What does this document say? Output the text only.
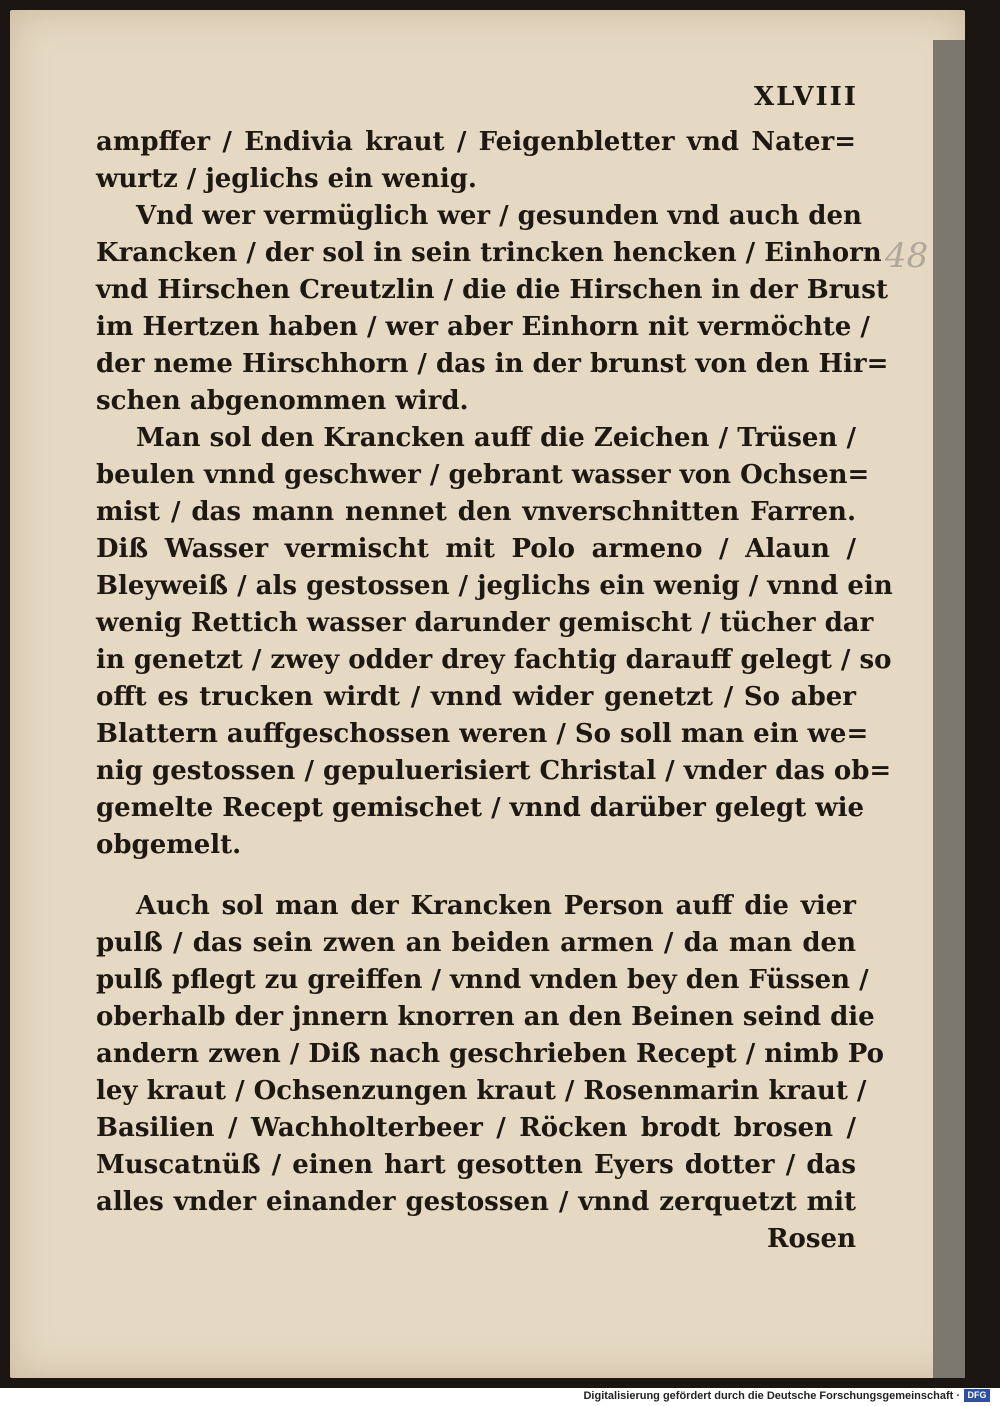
XLVIII
48
ampffer / Endivia kraut / Feigenbletter vnd Nater=
wurtz / jeglichs ein wenig.
Vnd wer vermüglich wer / gesunden vnd auch den
Krancken / der sol in sein trincken hencken / Einhorn
vnd Hirschen Creutzlin / die die Hirschen in der Brust
im Hertzen haben / wer aber Einhorn nit vermöchte /
der neme Hirschhorn / das in der brunst von den Hir=
schen abgenommen wird.
Man sol den Krancken auff die Zeichen / Trüsen /
beulen vnnd geschwer / gebrant wasser von Ochsen=
mist / das mann nennet den vnverschnitten Farren.
Diß Wasser vermischt mit Polo armeno / Alaun /
Bleyweiß / als gestossen / jeglichs ein wenig / vnnd ein
wenig Rettich wasser darunder gemischt / tücher dar
in genetzt / zwey odder drey fachtig darauff gelegt / so
offt es trucken wirdt / vnnd wider genetzt / So aber
Blattern auffgeschossen weren / So soll man ein we=
nig gestossen / gepuluerisiert Christal / vnder das ob=
gemelte Recept gemischet / vnnd darüber gelegt wie
obgemelt.
Auch sol man der Krancken Person auff die vier
pulß / das sein zwen an beiden armen / da man den
pulß pflegt zu greiffen / vnnd vnden bey den Füssen /
oberhalb der jnnern knorren an den Beinen seind die
andern zwen / Diß nach geschrieben Recept / nimb Po
ley kraut / Ochsenzungen kraut / Rosenmarin kraut /
Basilien / Wachholterbeer / Röcken brodt brosen /
Muscatnüß / einen hart gesotten Eyers dotter / das
alles vnder einander gestossen / vnnd zerquetzt mit
Rosen
Digitalisierung gefördert durch die Deutsche Forschungsgemeinschaft · DFG
